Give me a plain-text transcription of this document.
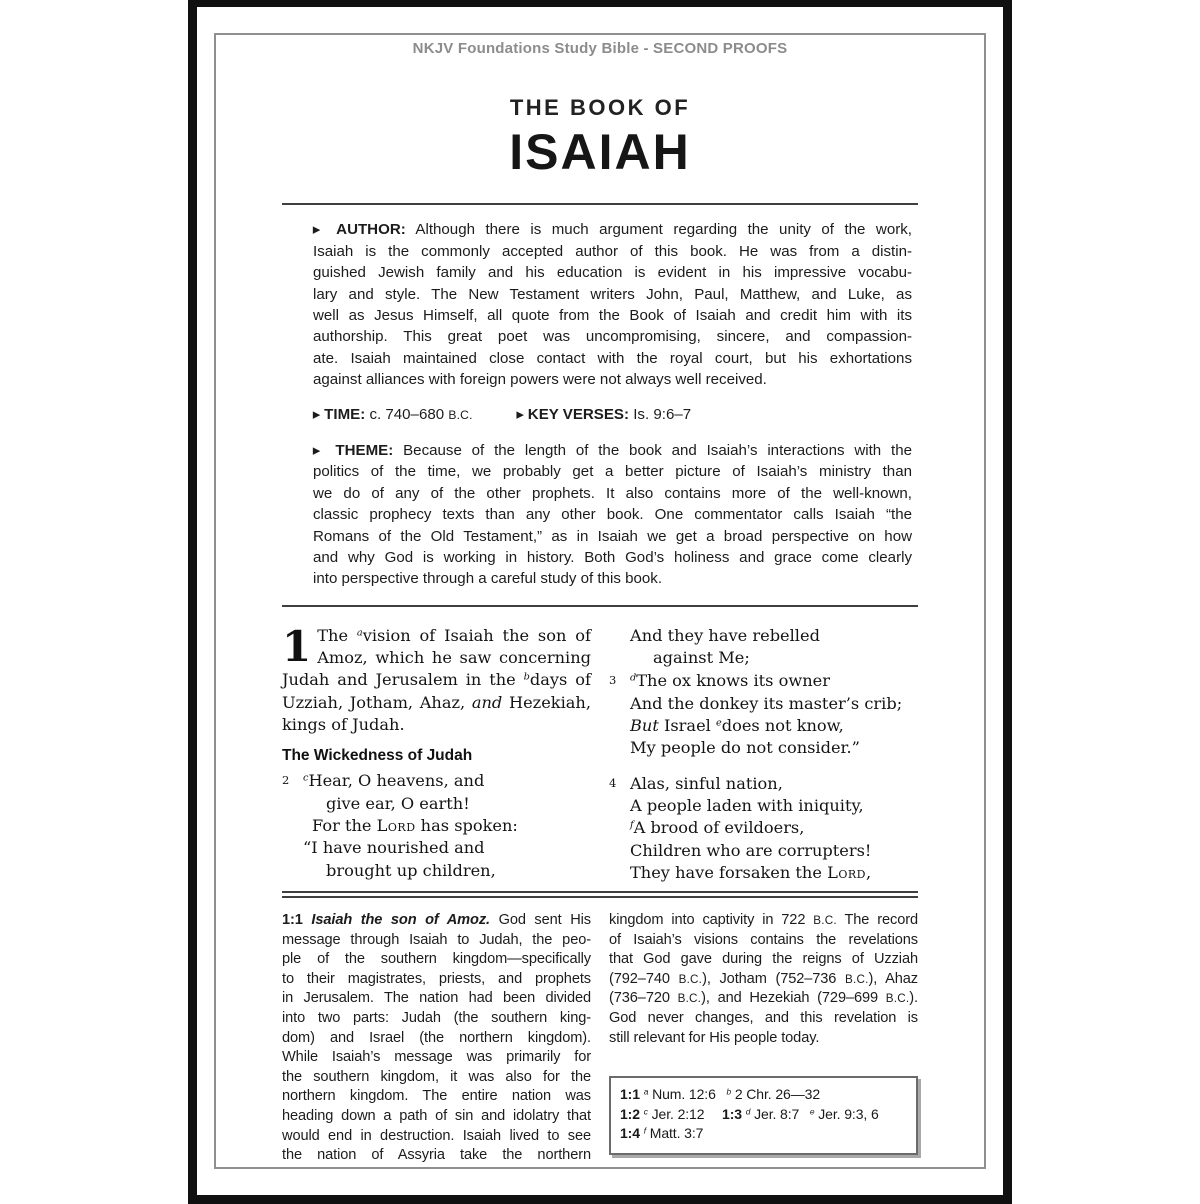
NKJV Foundations Study Bible - SECOND PROOFS
THE BOOK OF
ISAIAH
▶ AUTHOR: Although there is much argument regarding the unity of the work,
Isaiah is the commonly accepted author of this book. He was from a distin-
guished Jewish family and his education is evident in his impressive vocabu-
lary and style. The New Testament writers John, Paul, Matthew, and Luke, as
well as Jesus Himself, all quote from the Book of Isaiah and credit him with its
authorship. This great poet was uncompromising, sincere, and compassion-
ate. Isaiah maintained close contact with the royal court, but his exhortations
against alliances with foreign powers were not always well received.
▶ TIME: c. 740–680 B.C.	▶ KEY VERSES: Is. 9:6–7
▶ THEME: Because of the length of the book and Isaiah’s interactions with the
politics of the time, we probably get a better picture of Isaiah’s ministry than
we do of any of the other prophets. It also contains more of the well-known,
classic prophecy texts than any other book. One commentator calls Isaiah “the
Romans of the Old Testament,” as in Isaiah we get a broad perspective on how
and why God is working in history. Both God’s holiness and grace come clearly
into perspective through a careful study of this book.
1 The $^a$vision of Isaiah the son of
Amoz, which he saw concerning
Judah and Jerusalem in the $^b$days of
Uzziah, Jotham, Ahaz, and Hezekiah,
kings of Judah.
The Wickedness of Judah
2 $^c$Hear, O heavens, and
give ear, O earth!
For the Lord has spoken:
“I have nourished and
brought up children,
And they have rebelled
against Me;
3 $^d$The ox knows its owner
And the donkey its master’s crib;
But Israel $^e$does not know,
My people do not consider.”
4 Alas, sinful nation,
A people laden with iniquity,
$^f$A brood of evildoers,
Children who are corrupters!
They have forsaken the Lord,
1:1 Isaiah the son of Amoz. God sent His
message through Isaiah to Judah, the peo-
ple of the southern kingdom—specifically
to their magistrates, priests, and prophets
in Jerusalem. The nation had been divided
into two parts: Judah (the southern king-
dom) and Israel (the northern kingdom).
While Isaiah’s message was primarily for
the southern kingdom, it was also for the
northern kingdom. The entire nation was
heading down a path of sin and idolatry that
would end in destruction. Isaiah lived to see
the nation of Assyria take the northern
kingdom into captivity in 722 B.C. The record
of Isaiah’s visions contains the revelations
that God gave during the reigns of Uzziah
(792–740 B.C.), Jotham (752–736 B.C.), Ahaz
(736–720 B.C.), and Hezekiah (729–699 B.C.).
God never changes, and this revelation is
still relevant for His people today.
1:1 $^a$ Num. 12:6  $^b$ 2 Chr. 26—32
1:2 $^c$ Jer. 2:12   1:3 $^d$ Jer. 8:7  $^e$ Jer. 9:3, 6
1:4 $^f$ Matt. 3:7
